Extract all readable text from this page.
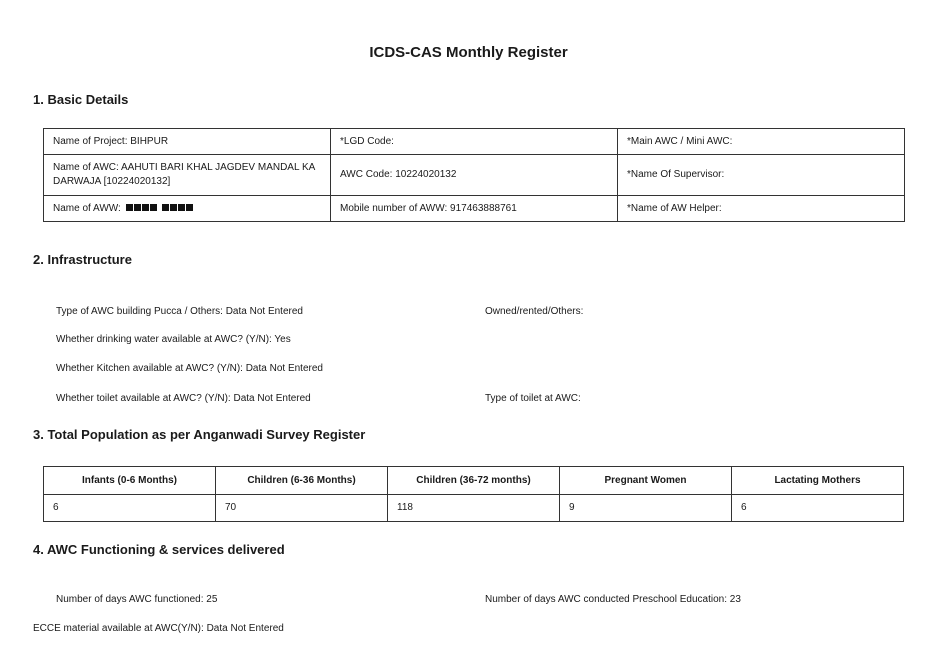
ICDS-CAS Monthly Register
1. Basic Details
Name of Project: BIHPUR	*LGD Code:	*Main AWC / Mini AWC:
Name of AWC: AAHUTI BARI KHAL JAGDEV MANDAL KA DARWAJA [10224020132]	AWC Code: 10224020132	*Name Of Supervisor:
Name of AWW:	Mobile number of AWW: 917463888761	*Name of AW Helper:
2. Infrastructure
Type of AWC building Pucca / Others: Data Not Entered	Owned/rented/Others:
Whether drinking water available at AWC? (Y/N): Yes
Whether Kitchen available at AWC? (Y/N): Data Not Entered
Whether toilet available at AWC? (Y/N): Data Not Entered	Type of toilet at AWC:
3. Total Population as per Anganwadi Survey Register
Infants (0-6 Months)	Children (6-36 Months)	Children (36-72 months)	Pregnant Women	Lactating Mothers
6	70	118	9	6
4. AWC Functioning & services delivered
Number of days AWC functioned: 25	Number of days AWC conducted Preschool Education: 23
ECCE material available at AWC(Y/N): Data Not Entered
